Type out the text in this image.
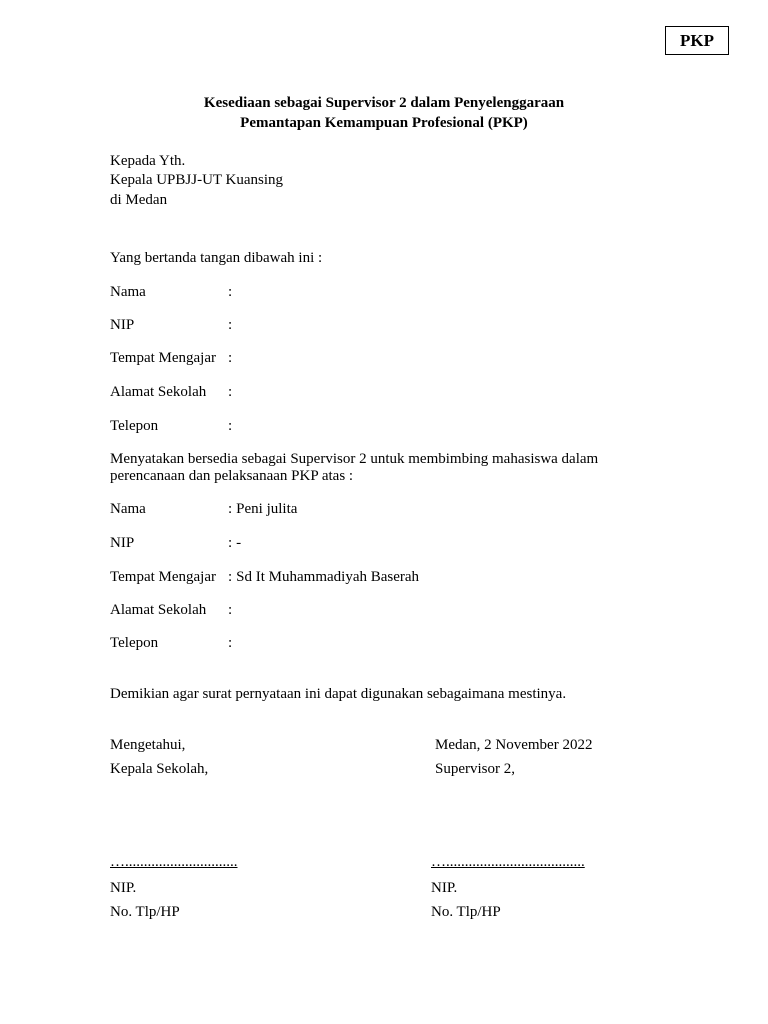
PKP
Kesediaan sebagai Supervisor 2 dalam Penyelenggaraan
Pemantapan Kemampuan Profesional (PKP)
Kepada Yth.
Kepala UPBJJ-UT Kuansing
di Medan
Yang bertanda tangan dibawah ini :
Nama	:
NIP	:
Tempat Mengajar :
Alamat Sekolah :
Telepon	:
Menyatakan bersedia sebagai Supervisor 2 untuk membimbing mahasiswa dalam perencanaan dan pelaksanaan PKP atas :
Nama	: Peni julita
NIP	: -
Tempat Mengajar : Sd It Muhammadiyah Baserah
Alamat Sekolah :
Telepon	:
Demikian agar surat pernyataan ini dapat digunakan sebagaimana mestinya.
Mengetahui,
Kepala Sekolah,
Medan, 2 November 2022
Supervisor 2,
…..............................	….....................................
NIP.
No. Tlp/HP
NIP.
No. Tlp/HP
